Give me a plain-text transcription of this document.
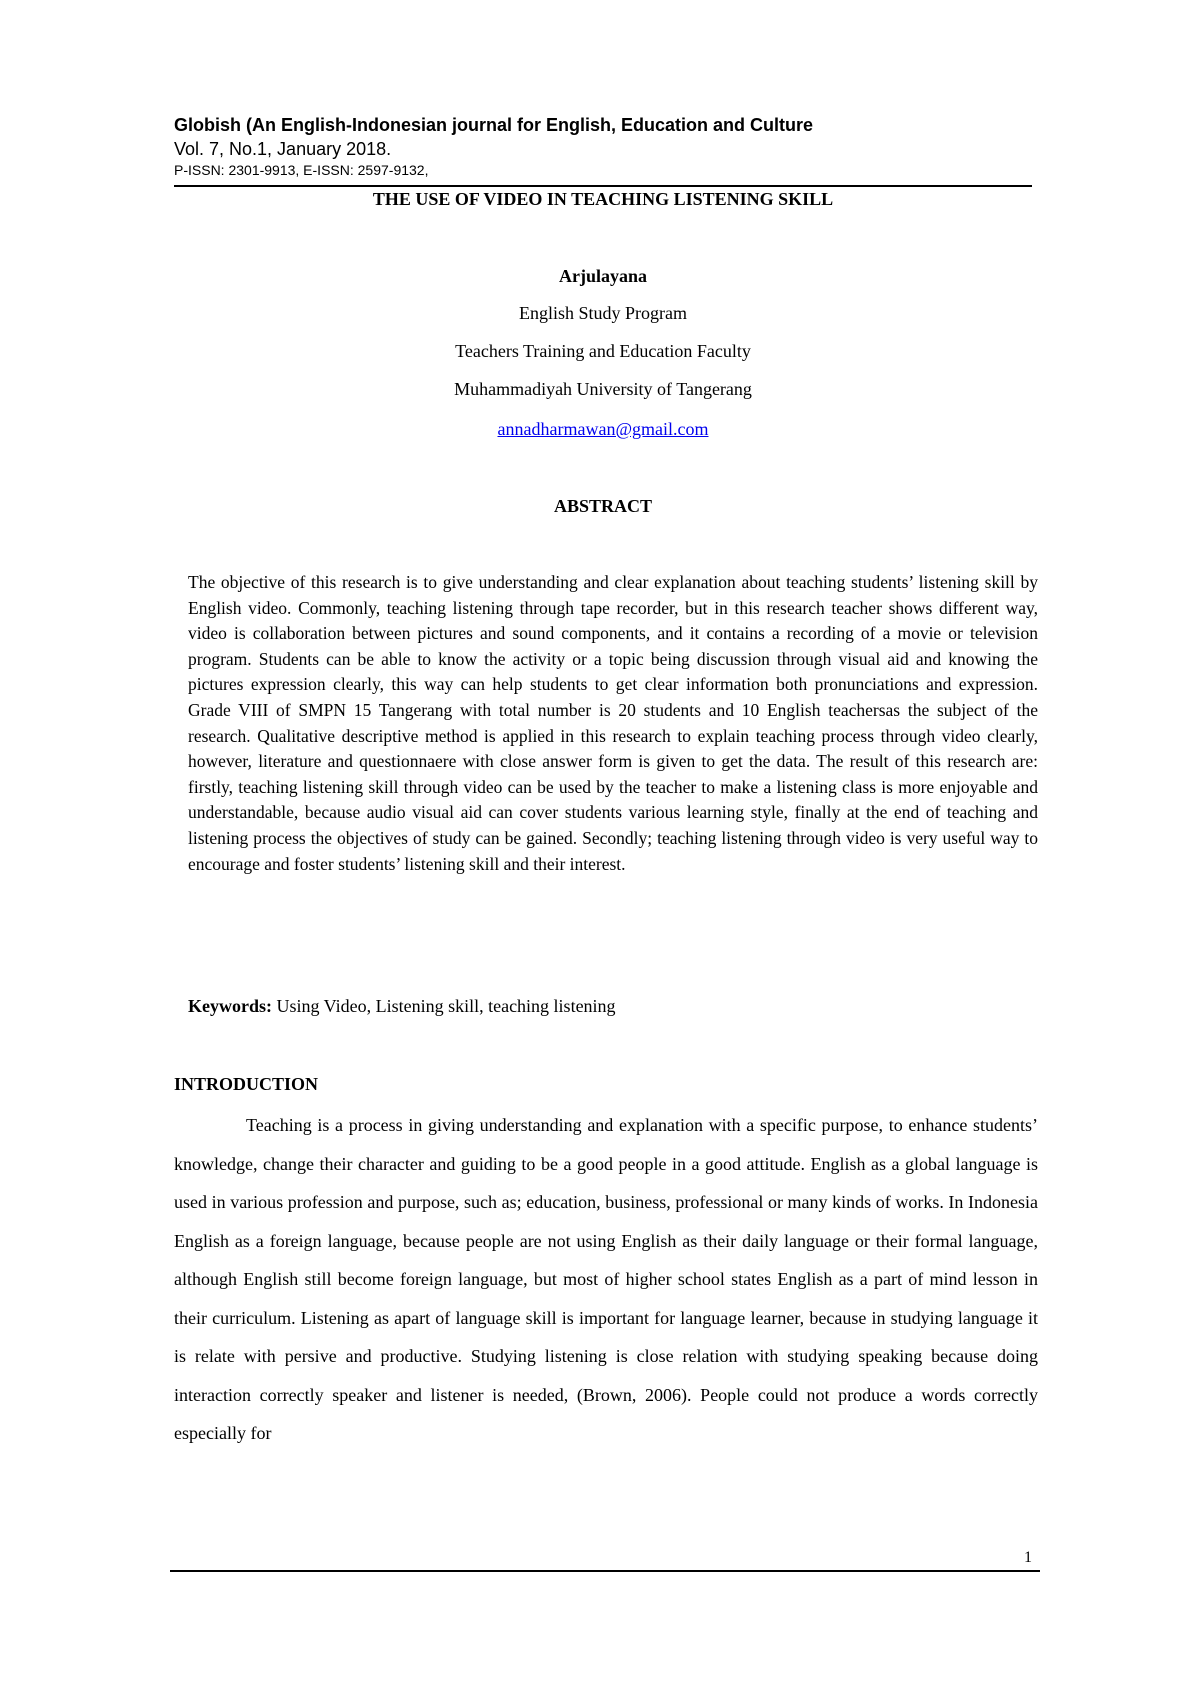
Globish (An English-Indonesian journal for English, Education and Culture
Vol. 7, No.1, January 2018.
P-ISSN: 2301-9913, E-ISSN: 2597-9132,
THE USE OF VIDEO IN TEACHING LISTENING SKILL
Arjulayana
English Study Program
Teachers Training and Education Faculty
Muhammadiyah University of Tangerang
annadharmawan@gmail.com
ABSTRACT
The objective of this research is to give understanding and clear explanation about teaching students’ listening skill by English video. Commonly, teaching listening through tape recorder, but in this research teacher shows different way, video is collaboration between pictures and sound components, and it contains a recording of a movie or television program. Students can be able to know the activity or a topic being discussion through visual aid and knowing the pictures expression clearly, this way can help students to get clear information both pronunciations and expression. Grade VIII of SMPN 15 Tangerang with total number is 20 students and 10 English teachersas the subject of the research. Qualitative descriptive method is applied in this research to explain teaching process through video clearly, however, literature and questionnaere with close answer form is given to get the data. The result of this research are: firstly, teaching listening skill through video can be used by the teacher to make a listening class is more enjoyable and understandable, because audio visual aid can cover students various learning style, finally at the end of teaching and listening process the objectives of study can be gained. Secondly; teaching listening through video is very useful way to encourage and foster students’ listening skill and their interest.
Keywords: Using Video, Listening skill, teaching listening
INTRODUCTION
Teaching is a process in giving understanding and explanation with a specific purpose, to enhance students’ knowledge, change their character and guiding to be a good people in a good attitude. English as a global language is used in various profession and purpose, such as; education, business, professional or many kinds of works. In Indonesia English as a foreign language, because people are not using English as their daily language or their formal language, although English still become foreign language, but most of higher school states English as a part of mind lesson in their curriculum. Listening as apart of language skill is important for language learner, because in studying language it is relate with persive and productive. Studying listening is close relation with studying speaking because doing interaction correctly speaker and listener is needed, (Brown, 2006). People could not produce a words correctly especially for
1
